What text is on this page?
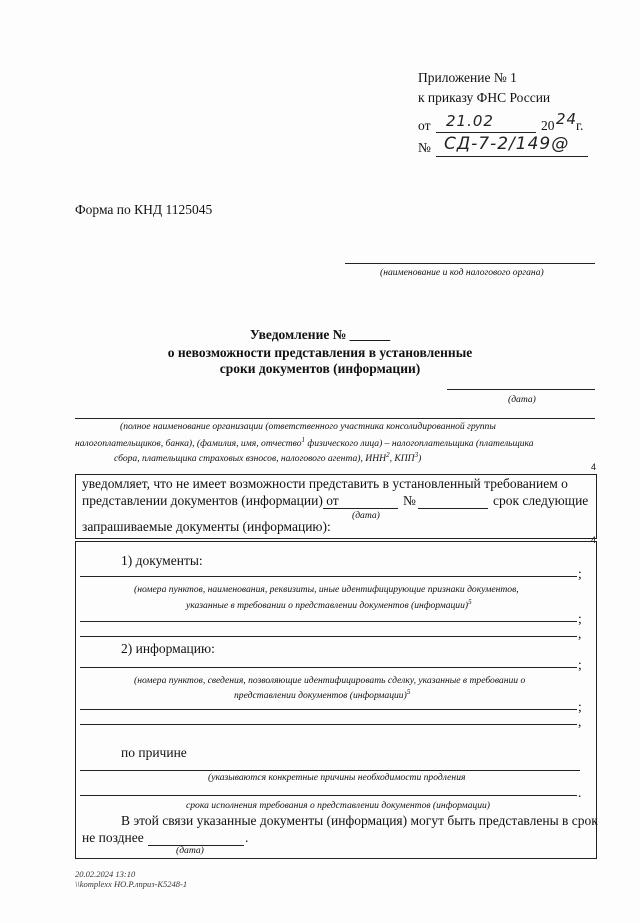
Приложение № 1
к приказу ФНС России
от 21.02	20 24
г.
№ СД-7-2/149@
Форма по КНД 1125045
(наименование и код налогового органа)
Уведомление № ______
о невозможности представления в установленные
сроки документов (информации)
(дата)
(полное наименование организации (ответственного участника консолидированной группы
налогоплательщиков, банка), (фамилия, имя, отчество$^1$ физического лица) – налогоплательщика (плательщика
сбора, плательщика страховых взносов, налогового агента), ИНН$^2$, КПП$^3$)
4
4
уведомляет, что не имеет возможности представить в установленный требованием о
представлении документов (информации) от	№	срок следующие
(дата)
запрашиваемые документы (информацию):
1) документы:
;
(номера пунктов, наименования, реквизиты, иные идентифицирующие признаки документов,
указанные в требовании о представлении документов (информации)$^5$
;
,
2) информацию:
;
(номера пунктов, сведения, позволяющие идентифицировать сделку, указанные в требовании о
представлении документов (информации)$^5$
;
,
по причине
(указываются конкретные причины необходимости продления
.
срока исполнения требования о представлении документов (информации)
В этой связи указанные документы (информация) могут быть представлены в срок
не позднее	.
(дата)
20.02.2024 13:10
\\komplexx НО.Р.лприз-К5248-1
